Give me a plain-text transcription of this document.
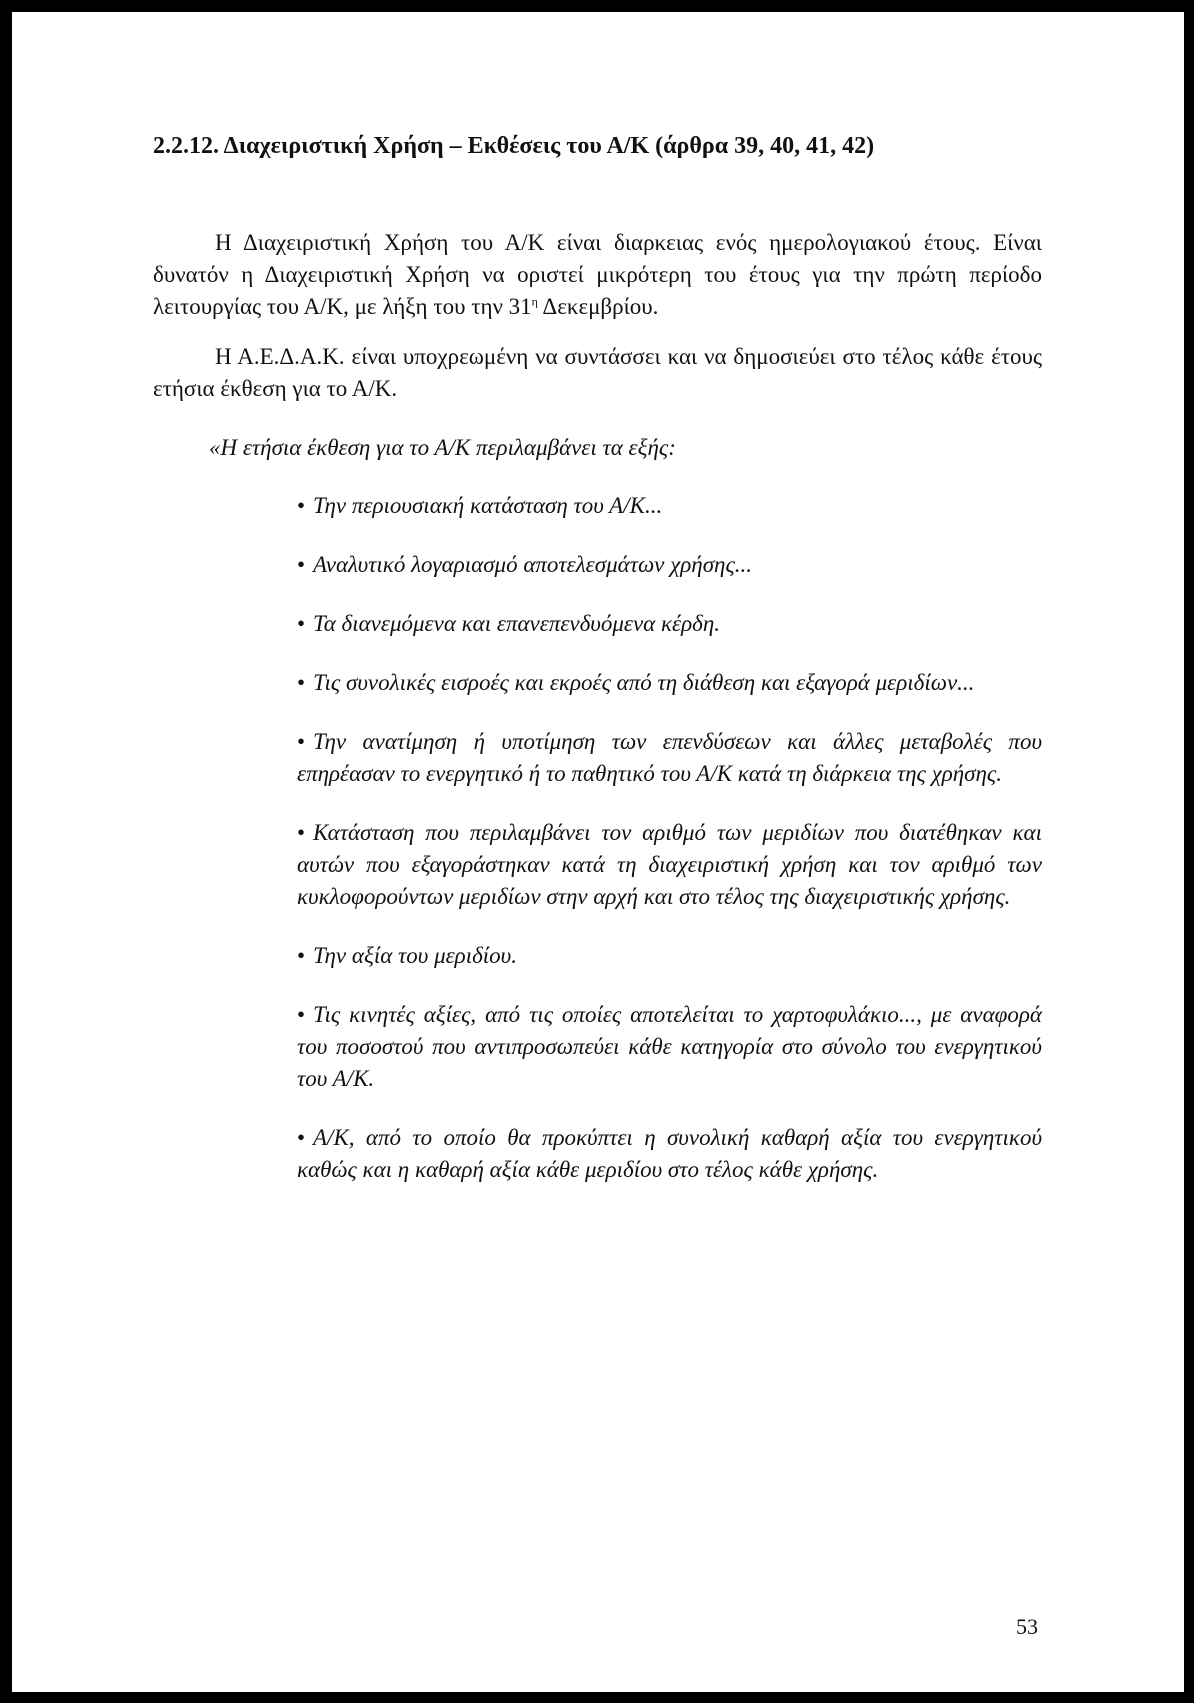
2.2.12. Διαχειριστική Χρήση – Εκθέσεις του Α/Κ (άρθρα 39, 40, 41, 42)

Η Διαχειριστική Χρήση του Α/Κ είναι διαρκειας ενός ημερολογιακού έτους. Είναι δυνατόν η Διαχειριστική Χρήση να οριστεί μικρότερη του έτους για την πρώτη περίοδο λειτουργίας του Α/Κ, με λήξη του την $31^\eta$ Δεκεμβρίου.

Η Α.Ε.Δ.Α.Κ. είναι υποχρεωμένη να συντάσσει και να δημοσιεύει στο τέλος κάθε έτους ετήσια έκθεση για το Α/Κ.

«Η ετήσια έκθεση για το Α/Κ περιλαμβάνει τα εξής:

• Την περιουσιακή κατάσταση του Α/Κ...
• Αναλυτικό λογαριασμό αποτελεσμάτων χρήσης...
• Τα διανεμόμενα και επανεπενδυόμενα κέρδη.
• Τις συνολικές εισροές και εκροές από τη διάθεση και εξαγορά μεριδίων...
• Την ανατίμηση ή υποτίμηση των επενδύσεων και άλλες μεταβολές που επηρέασαν το ενεργητικό ή το παθητικό του Α/Κ κατά τη διάρκεια της χρήσης.
• Κατάσταση που περιλαμβάνει τον αριθμό των μεριδίων που διατέθηκαν και αυτών που εξαγοράστηκαν κατά τη διαχειριστική χρήση και τον αριθμό των κυκλοφορούντων μεριδίων στην αρχή και στο τέλος της διαχειριστικής χρήσης.
• Την αξία του μεριδίου.
• Τις κινητές αξίες, από τις οποίες αποτελείται το χαρτοφυλάκιο..., με αναφορά του ποσοστού που αντιπροσωπεύει κάθε κατηγορία στο σύνολο του ενεργητικού του Α/Κ.
• Α/Κ, από το οποίο θα προκύπτει η συνολική καθαρή αξία του ενεργητικού καθώς και η καθαρή αξία κάθε μεριδίου στο τέλος κάθε χρήσης.
53
